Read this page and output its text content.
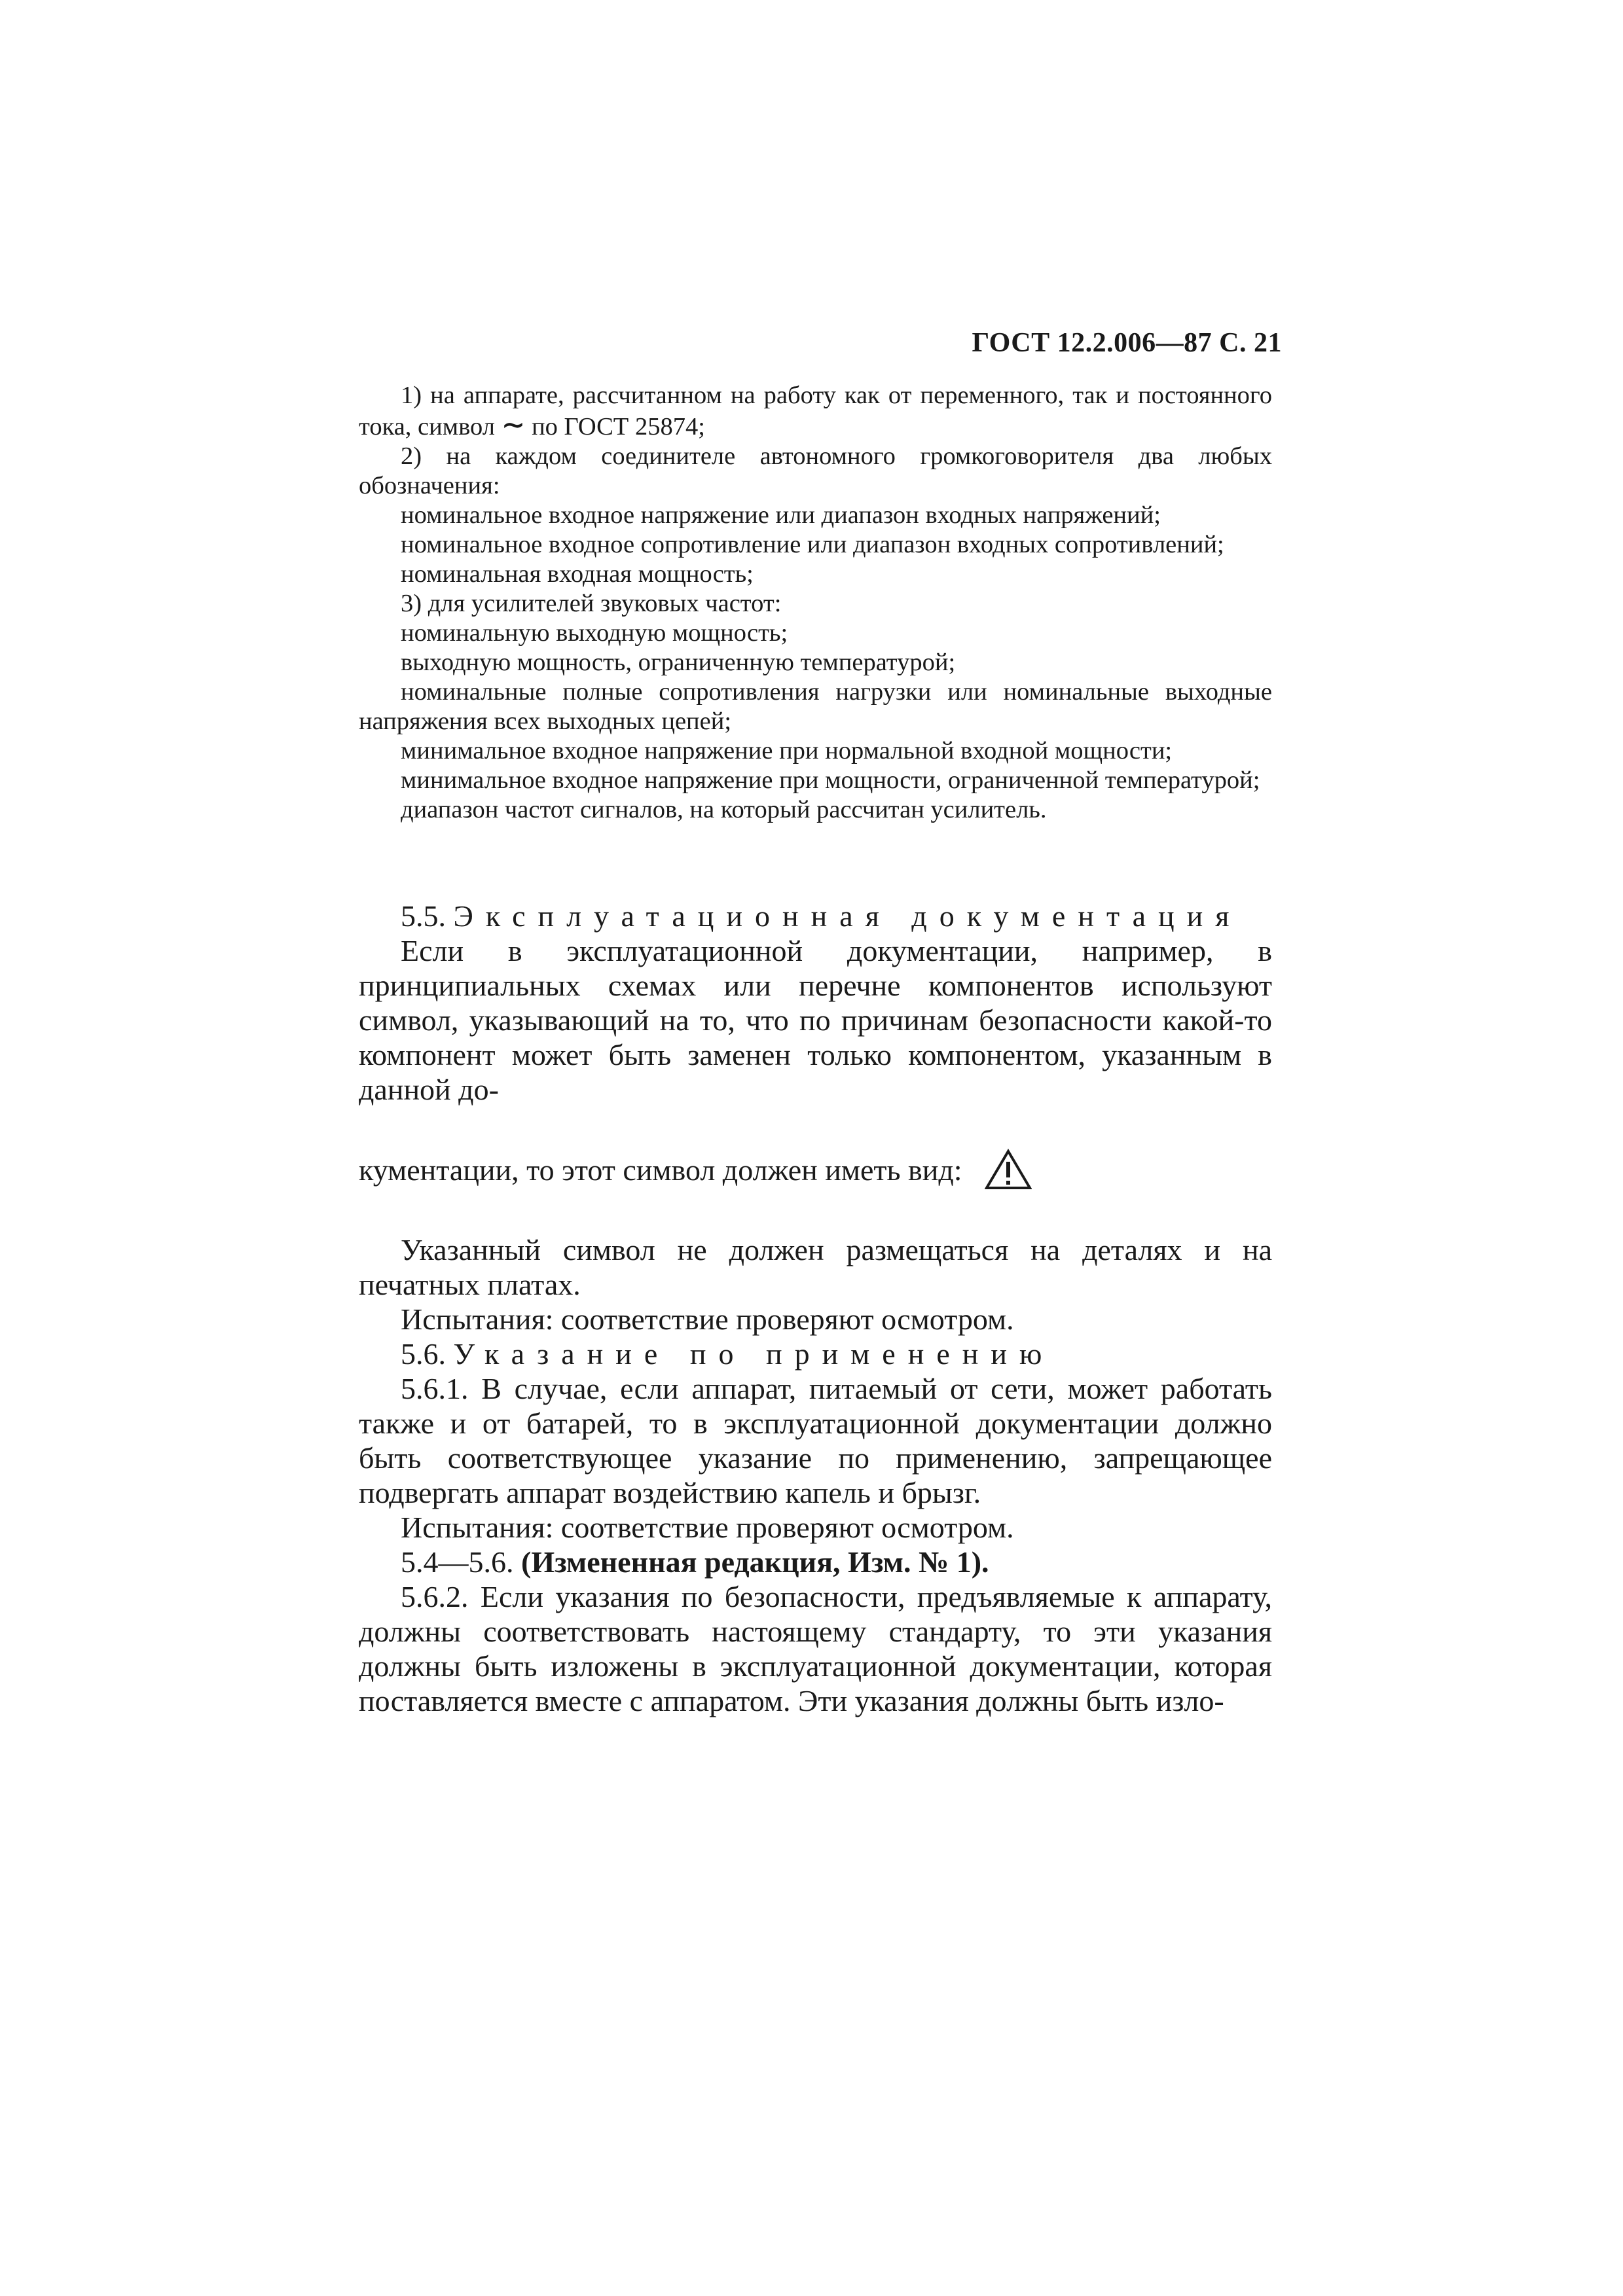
ГОСТ 12.2.006—87 С. 21

1) на аппарате, рассчитанном на работу как от переменного, так и постоянного тока, символ ∼ по ГОСТ 25874;

2) на каждом соединителе автономного громкоговорителя два любых обозначения:

номинальное входное напряжение или диапазон входных напряжений;

номинальное входное сопротивление или диапазон входных сопротивлений;

номинальная входная мощность;

3) для усилителей звуковых частот:

номинальную выходную мощность;

выходную мощность, ограниченную температурой;

номинальные полные сопротивления нагрузки или номинальные выходные напряжения всех выходных цепей;

минимальное входное напряжение при нормальной входной мощности;

минимальное входное напряжение при мощности, ограниченной температурой;

диапазон частот сигналов, на который рассчитан усилитель.

5.5. Эксплуатационная документация

Если в эксплуатационной документации, например, в принципиальных схемах или перечне компонентов используют символ, указывающий на то, что по причинам безопасности какой-то компонент может быть заменен только компонентом, указанным в данной до-

кументации, то этот символ должен иметь вид:

Указанный символ не должен размещаться на деталях и на печатных платах.

Испытания: соответствие проверяют осмотром.

5.6. Указание по применению

5.6.1. В случае, если аппарат, питаемый от сети, может работать также и от батарей, то в эксплуатационной документации должно быть соответствующее указание по применению, запрещающее подвергать аппарат воздействию капель и брызг.

Испытания: соответствие проверяют осмотром.

5.4—5.6. (Измененная редакция, Изм. № 1).

5.6.2. Если указания по безопасности, предъявляемые к аппарату, должны соответствовать настоящему стандарту, то эти указания должны быть изложены в эксплуатационной документации, которая поставляется вместе с аппаратом. Эти указания должны быть изло-
